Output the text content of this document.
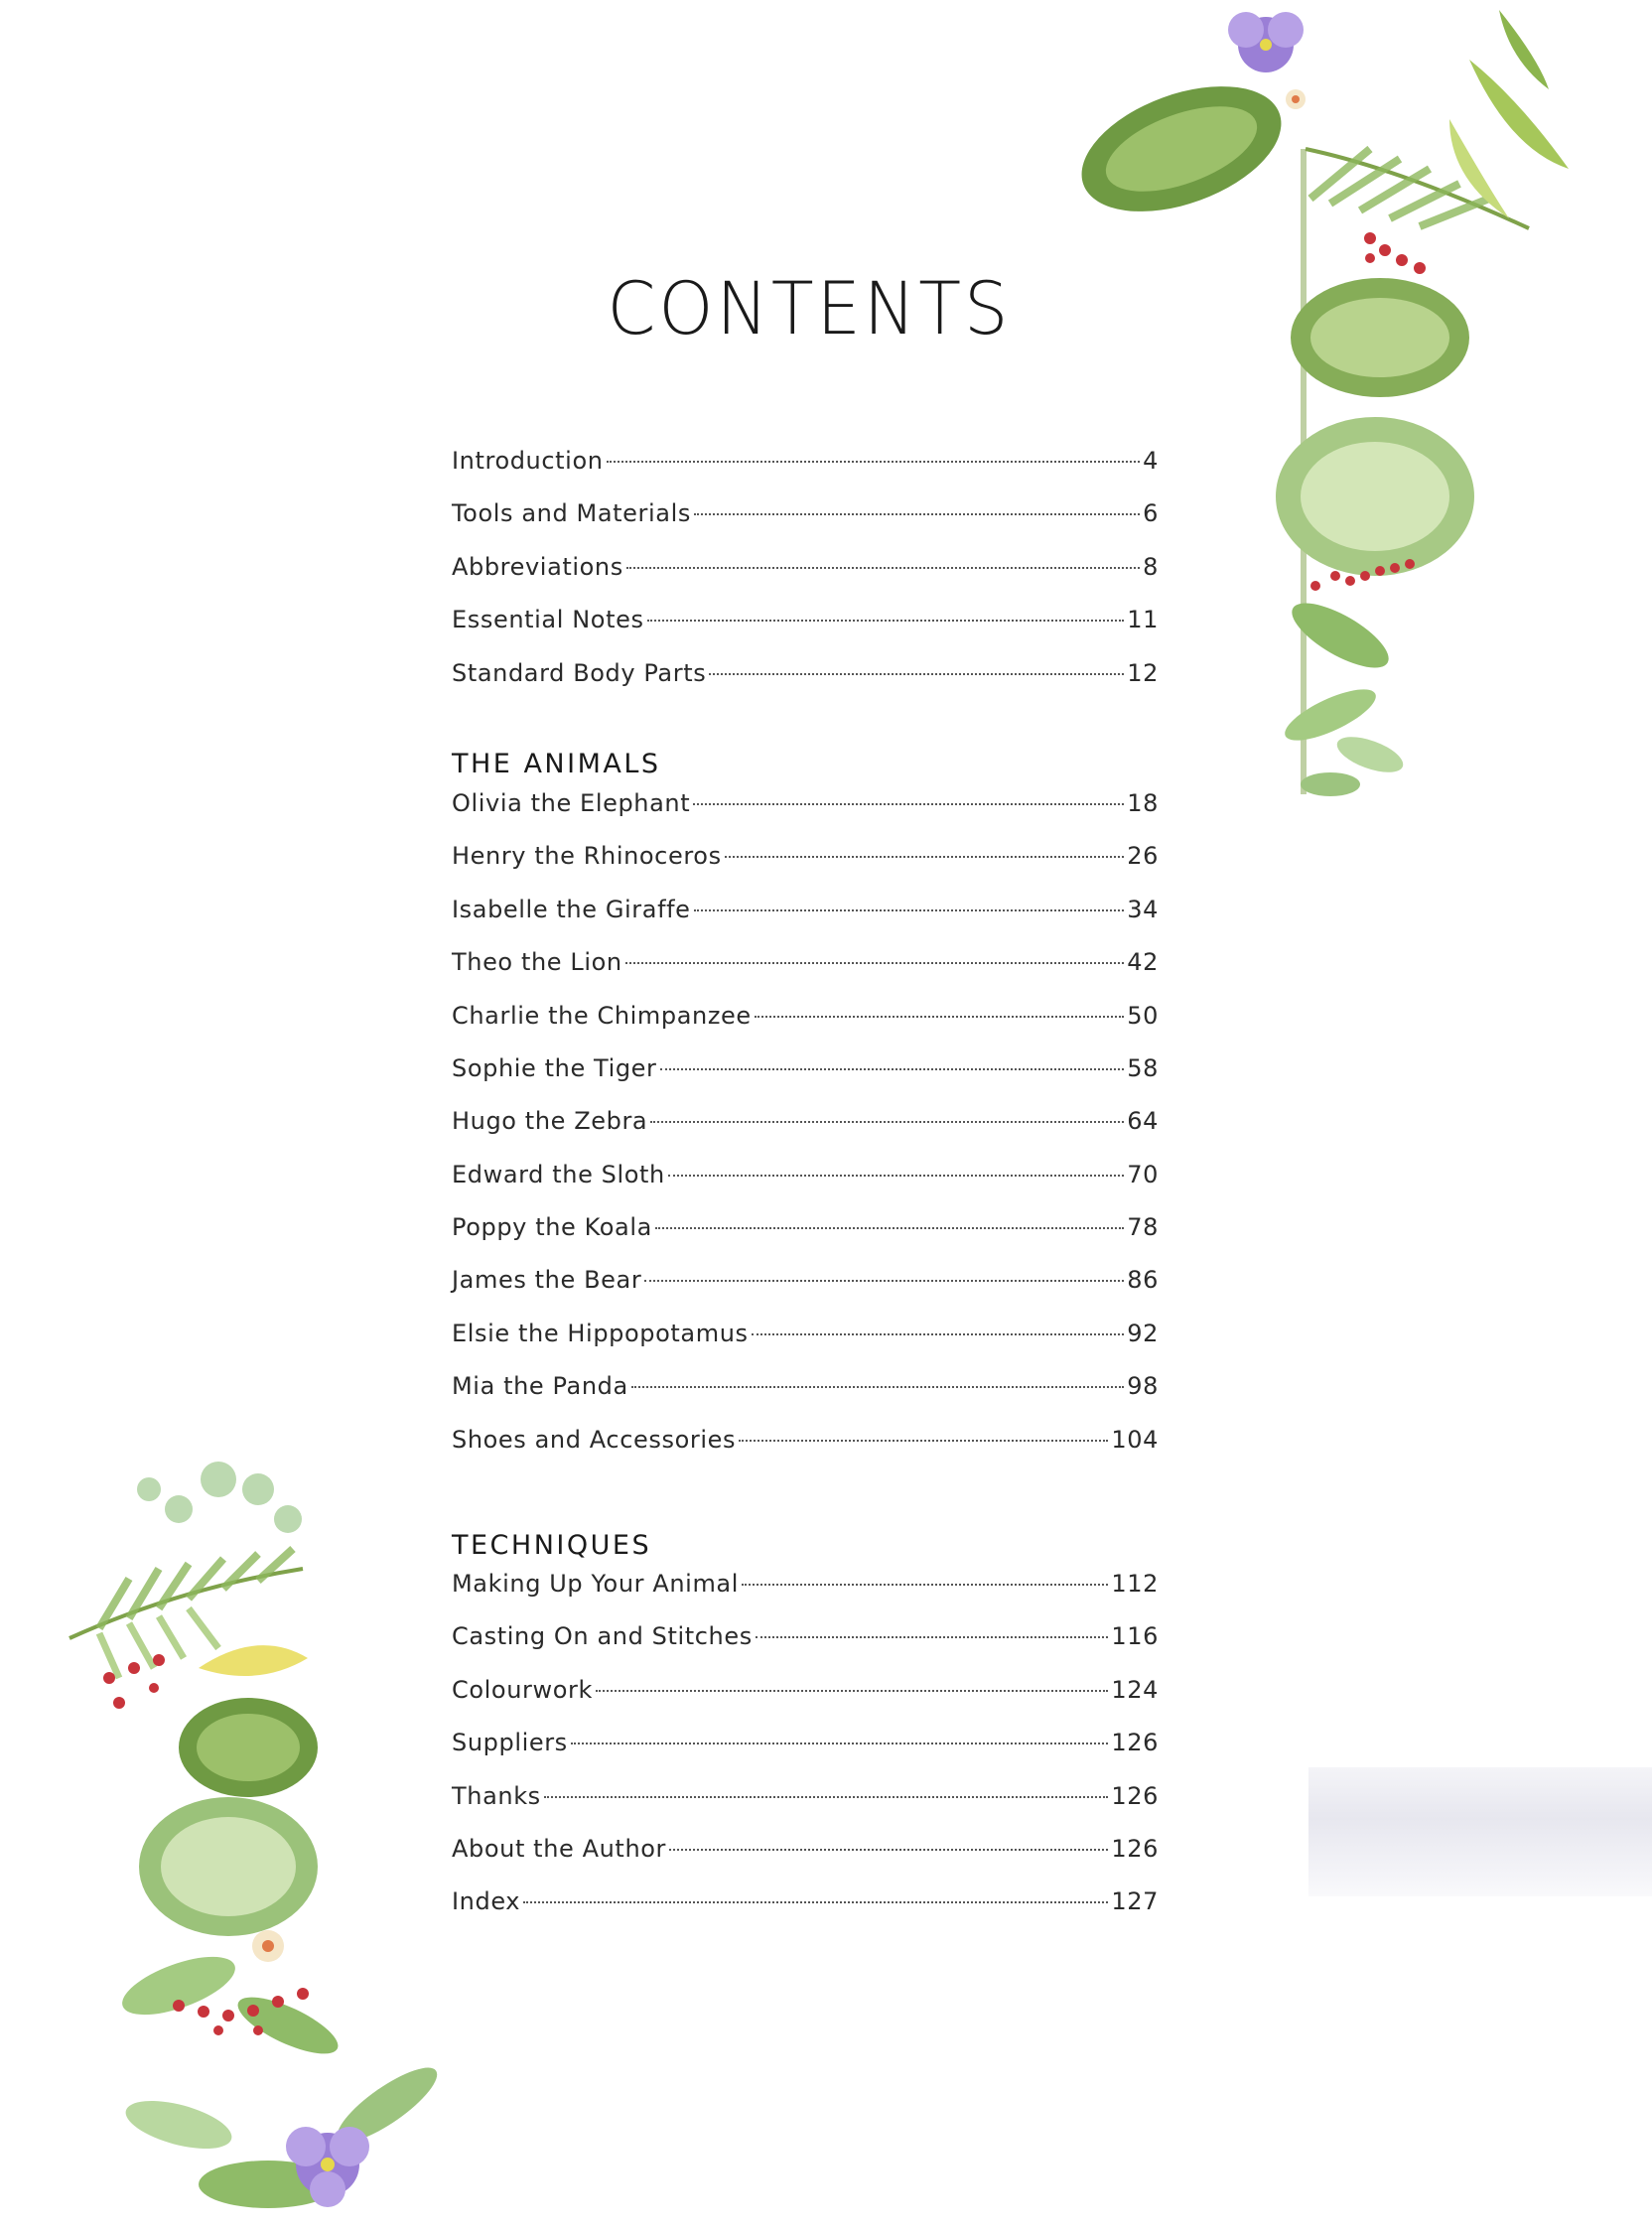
CONTENTS
Introduction	4
Tools and Materials	6
Abbreviations	8
Essential Notes	11
Standard Body Parts	12
THE ANIMALS
Olivia the Elephant	18
Henry the Rhinoceros	26
Isabelle the Giraffe	34
Theo the Lion	42
Charlie the Chimpanzee	50
Sophie the Tiger	58
Hugo the Zebra	64
Edward the Sloth	70
Poppy the Koala	78
James the Bear	86
Elsie the Hippopotamus	92
Mia the Panda	98
Shoes and Accessories	104
TECHNIQUES
Making Up Your Animal	112
Casting On and Stitches	116
Colourwork	124
Suppliers	126
Thanks	126
About the Author	126
Index	127
